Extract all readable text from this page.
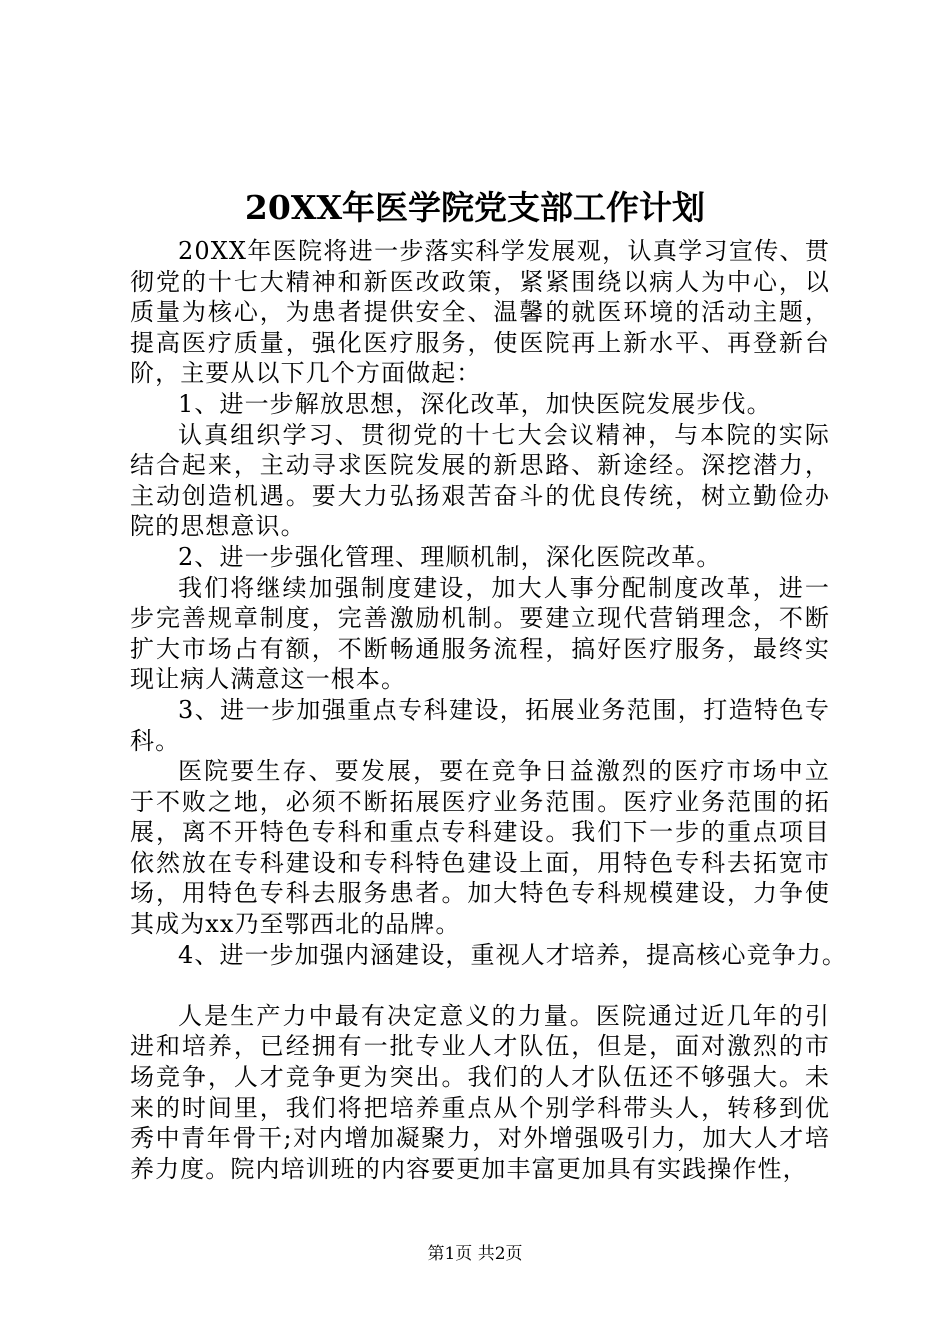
20XX年医学院党支部工作计划

20XX年医院将进一步落实科学发展观，认真学习宣传、贯彻党的十七大精神和新医改政策，紧紧围绕以病人为中心，以质量为核心，为患者提供安全、温馨的就医环境的活动主题，提高医疗质量，强化医疗服务，使医院再上新水平、再登新台阶，主要从以下几个方面做起：

1、进一步解放思想，深化改革，加快医院发展步伐。

认真组织学习、贯彻党的十七大会议精神，与本院的实际结合起来，主动寻求医院发展的新思路、新途经。深挖潜力，主动创造机遇。要大力弘扬艰苦奋斗的优良传统，树立勤俭办院的思想意识。

2、进一步强化管理、理顺机制，深化医院改革。

我们将继续加强制度建设，加大人事分配制度改革，进一步完善规章制度，完善激励机制。要建立现代营销理念，不断扩大市场占有额，不断畅通服务流程，搞好医疗服务，最终实现让病人满意这一根本。

3、进一步加强重点专科建设，拓展业务范围，打造特色专科。

医院要生存、要发展，要在竞争日益激烈的医疗市场中立于不败之地，必须不断拓展医疗业务范围。医疗业务范围的拓展，离不开特色专科和重点专科建设。我们下一步的重点项目依然放在专科建设和专科特色建设上面，用特色专科去拓宽市场，用特色专科去服务患者。加大特色专科规模建设，力争使其成为xx乃至鄂西北的品牌。

4、进一步加强内涵建设，重视人才培养，提高核心竞争力。

人是生产力中最有决定意义的力量。医院通过近几年的引进和培养，已经拥有一批专业人才队伍，但是，面对激烈的市场竞争，人才竞争更为突出。我们的人才队伍还不够强大。未来的时间里，我们将把培养重点从个别学科带头人，转移到优秀中青年骨干;对内增加凝聚力，对外增强吸引力，加大人才培养力度。院内培训班的内容要更加丰富更加具有实践操作性，

第1页 共2页
